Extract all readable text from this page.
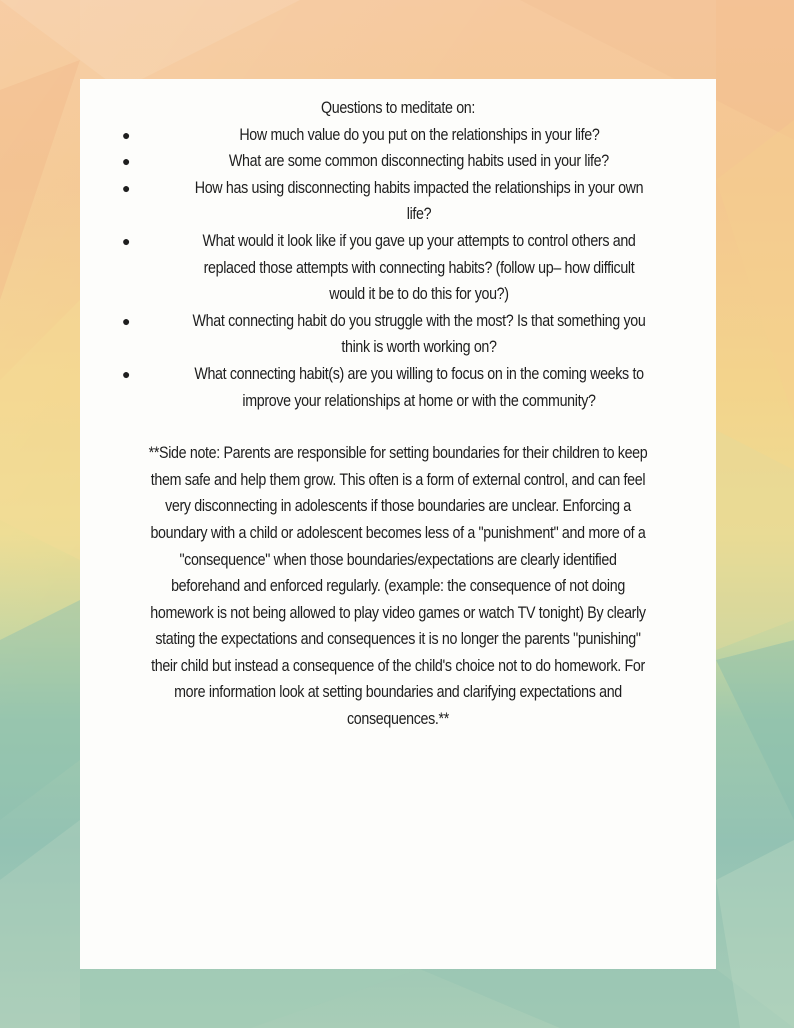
Questions to meditate on:
●	How much value do you put on the relationships in your life?
●	What are some common disconnecting habits used in your life?
●	How has using disconnecting habits impacted the relationships in your own life?
●	What would it look like if you gave up your attempts to control others and replaced those attempts with connecting habits? (follow up– how difficult would it be to do this for you?)
●	What connecting habit do you struggle with the most? Is that something you think is worth working on?
●	What connecting habit(s) are you willing to focus on in the coming weeks to improve your relationships at home or with the community?

**Side note: Parents are responsible for setting boundaries for their children to keep them safe and help them grow. This often is a form of external control, and can feel very disconnecting in adolescents if those boundaries are unclear. Enforcing a boundary with a child or adolescent becomes less of a "punishment" and more of a "consequence" when those boundaries/expectations are clearly identified beforehand and enforced regularly. (example: the consequence of not doing homework is not being allowed to play video games or watch TV tonight) By clearly stating the expectations and consequences it is no longer the parents "punishing" their child but instead a consequence of the child's choice not to do homework. For more information look at setting boundaries and clarifying expectations and consequences.**
